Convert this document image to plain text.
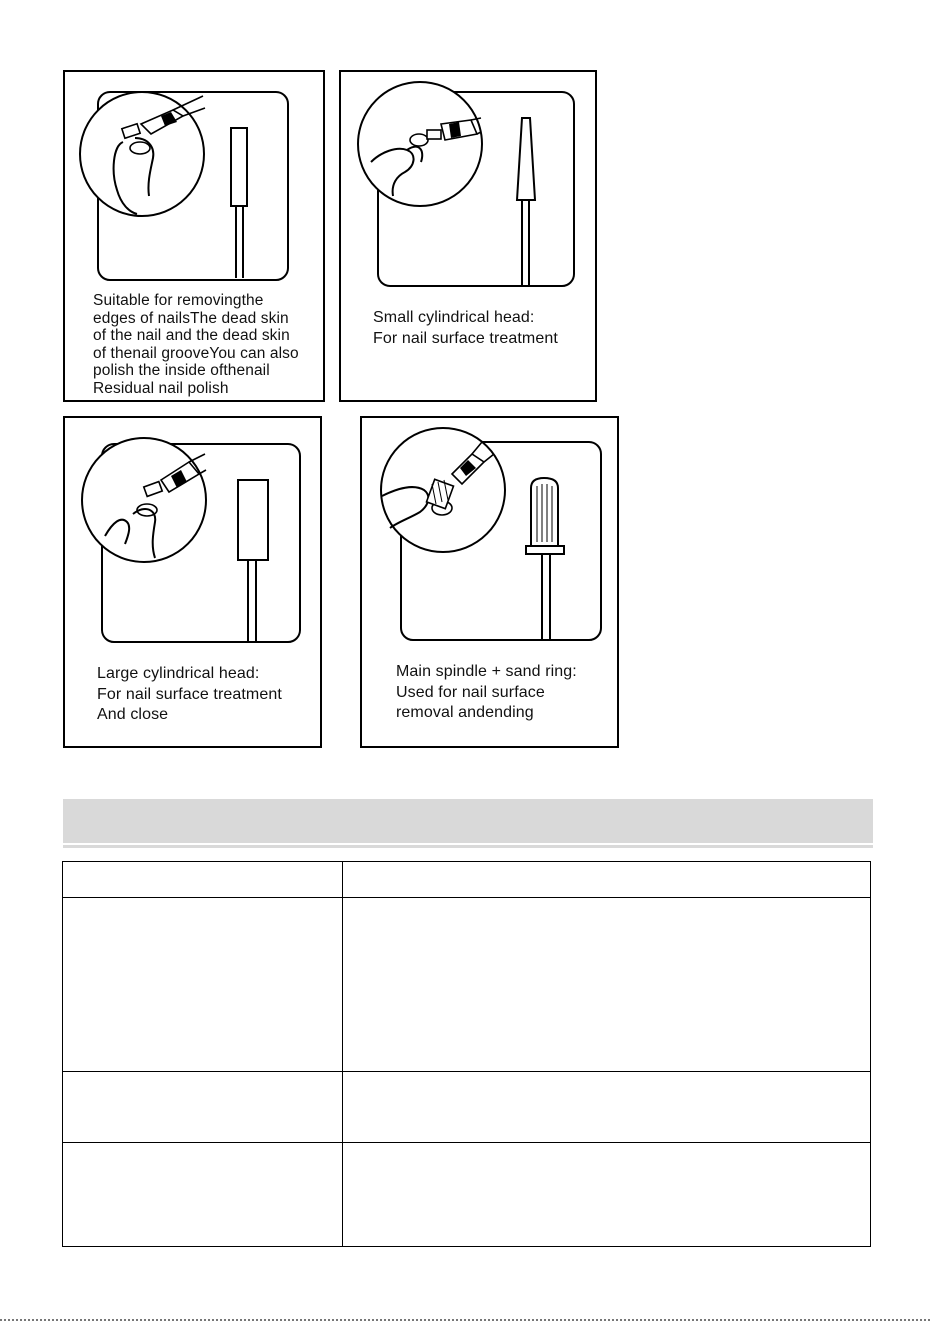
Suitable for removingthe
edges of nailsThe dead skin
of the nail and the dead skin
of thenail grooveYou can also
polish the inside ofthenail
Residual nail polish
Small cylindrical head:
For nail surface treatment
Large cylindrical head:
For nail surface treatment
And close
Main spindle + sand ring:
Used for nail surface
removal andending
